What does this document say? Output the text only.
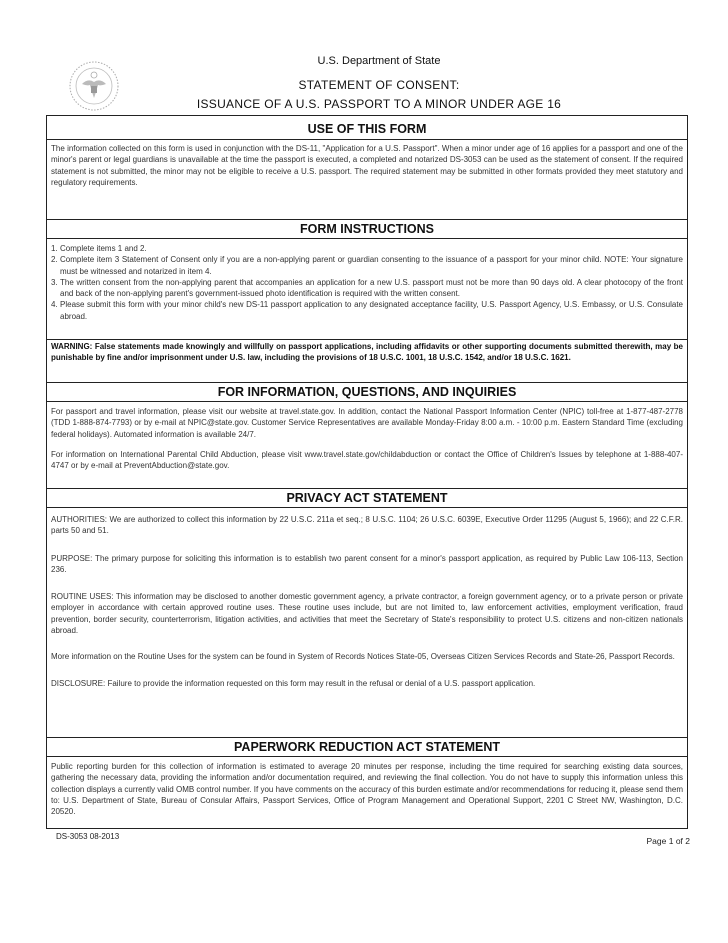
U.S. Department of State
STATEMENT OF CONSENT:
ISSUANCE OF A U.S. PASSPORT TO A MINOR UNDER AGE 16
USE OF THIS FORM

The information collected on this form is used in conjunction with the DS-11, "Application for a U.S. Passport". When a minor under age of 16 applies for a passport and one of the minor's parent or legal guardians is unavailable at the time the passport is executed, a completed and notarized DS-3053 can be used as the statement of consent. If the required statement is not submitted, the minor may not be eligible to receive a U.S. passport. The required statement may be submitted in other formats provided they meet statutory and regulatory requirements.

FORM INSTRUCTIONS
1. Complete items 1 and 2.
2. Complete item 3 Statement of Consent only if you are a non-applying parent or guardian consenting to the issuance of a passport for your minor child. NOTE: Your signature must be witnessed and notarized in item 4.
3. The written consent from the non-applying parent that accompanies an application for a new U.S. passport must not be more than 90 days old. A clear photocopy of the front and back of the non-applying parent's government-issued photo identification is required with the written consent.
4. Please submit this form with your minor child's new DS-11 passport application to any designated acceptance facility, U.S. Passport Agency, U.S. Embassy, or U.S. Consulate abroad.
WARNING: False statements made knowingly and willfully on passport applications, including affidavits or other supporting documents submitted therewith, may be punishable by fine and/or imprisonment under U.S. law, including the provisions of 18 U.S.C. 1001, 18 U.S.C. 1542, and/or 18 U.S.C. 1621.
FOR INFORMATION, QUESTIONS, AND INQUIRIES

For passport and travel information, please visit our website at travel.state.gov. In addition, contact the National Passport Information Center (NPIC) toll-free at 1-877-487-2778 (TDD 1-888-874-7793) or by e-mail at NPIC@state.gov. Customer Service Representatives are available Monday-Friday 8:00 a.m. - 10:00 p.m. Eastern Standard Time (excluding federal holidays). Automated information is available 24/7.

For information on International Parental Child Abduction, please visit www.travel.state.gov/childabduction or contact the Office of Children's Issues by telephone at 1-888-407-4747 or by e-mail at PreventAbduction@state.gov.

PRIVACY ACT STATEMENT

AUTHORITIES: We are authorized to collect this information by 22 U.S.C. 211a et seq.; 8 U.S.C. 1104; 26 U.S.C. 6039E, Executive Order 11295 (August 5, 1966); and 22 C.F.R. parts 50 and 51.

PURPOSE: The primary purpose for soliciting this information is to establish two parent consent for a minor's passport application, as required by Public Law 106-113, Section 236.

ROUTINE USES: This information may be disclosed to another domestic government agency, a private contractor, a foreign government agency, or to a private person or private employer in accordance with certain approved routine uses. These routine uses include, but are not limited to, law enforcement activities, employment verification, fraud prevention, border security, counterterrorism, litigation activities, and activities that meet the Secretary of State's responsibility to protect U.S. citizens and non-citizen nationals abroad.

More information on the Routine Uses for the system can be found in System of Records Notices State-05, Overseas Citizen Services Records and State-26, Passport Records.

DISCLOSURE: Failure to provide the information requested on this form may result in the refusal or denial of a U.S. passport application.

PAPERWORK REDUCTION ACT STATEMENT

Public reporting burden for this collection of information is estimated to average 20 minutes per response, including the time required for searching existing data sources, gathering the necessary data, providing the information and/or documentation required, and reviewing the final collection. You do not have to supply this information unless this collection displays a currently valid OMB control number. If you have comments on the accuracy of this burden estimate and/or recommendations for reducing it, please send them to: U.S. Department of State, Bureau of Consular Affairs, Passport Services, Office of Program Management and Operational Support, 2201 C Street NW, Washington, D.C. 20520.

DS-3053 08-2013	Page 1 of 2
